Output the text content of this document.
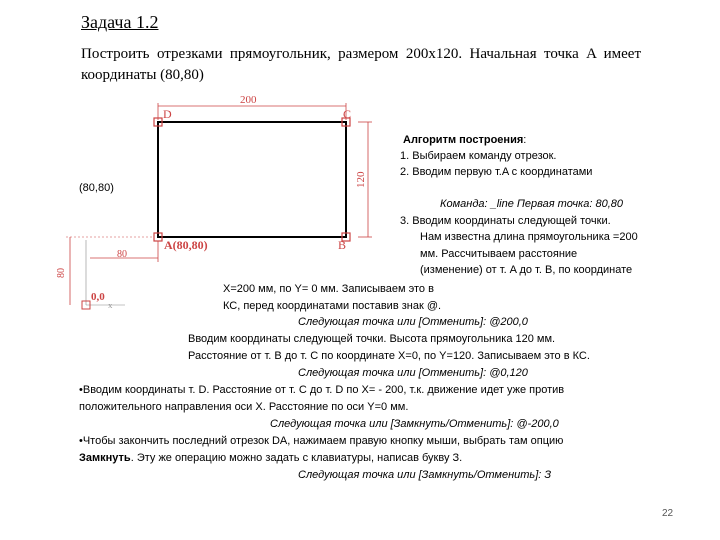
Задача 1.2
Построить отрезками прямоугольник, размером 200х120. Начальная точка A имеет координаты (80,80)
200
120
D	C
A(80,80)	B
80
80
0,0
X
(80,80)
Алгоритм построения:
1. Выбираем команду отрезок.
2. Вводим первую т.A с координатами
Команда: _line Первая точка: 80,80
3. Вводим координаты следующей точки.
Нам известна длина прямоугольника =200
мм. Рассчитываем расстояние
(изменение) от т. A до т. B, по координате
X=200 мм, по Y= 0 мм. Записываем это в
КС, перед координатами поставив знак @.
Следующая точка или [Отменить]: @200,0
Вводим координаты следующей точки. Высота прямоугольника 120 мм.
Расстояние от т. B до т. C по координате X=0, по Y=120. Записываем это в КС.
Следующая точка или [Отменить]: @0,120
•Вводим координаты т. D. Расстояние от т. C до т. D по X= - 200, т.к. движение идет уже против
положительного направления оси X. Расстояние по оси Y=0 мм.
Следующая точка или [Замкнуть/Отменить]: @-200,0
•Чтобы закончить последний отрезок DA, нажимаем правую кнопку мыши, выбрать там опцию
Замкнуть. Эту же операцию можно задать с клавиатуры, написав букву З.
Следующая точка или [Замкнуть/Отменить]: З
22
